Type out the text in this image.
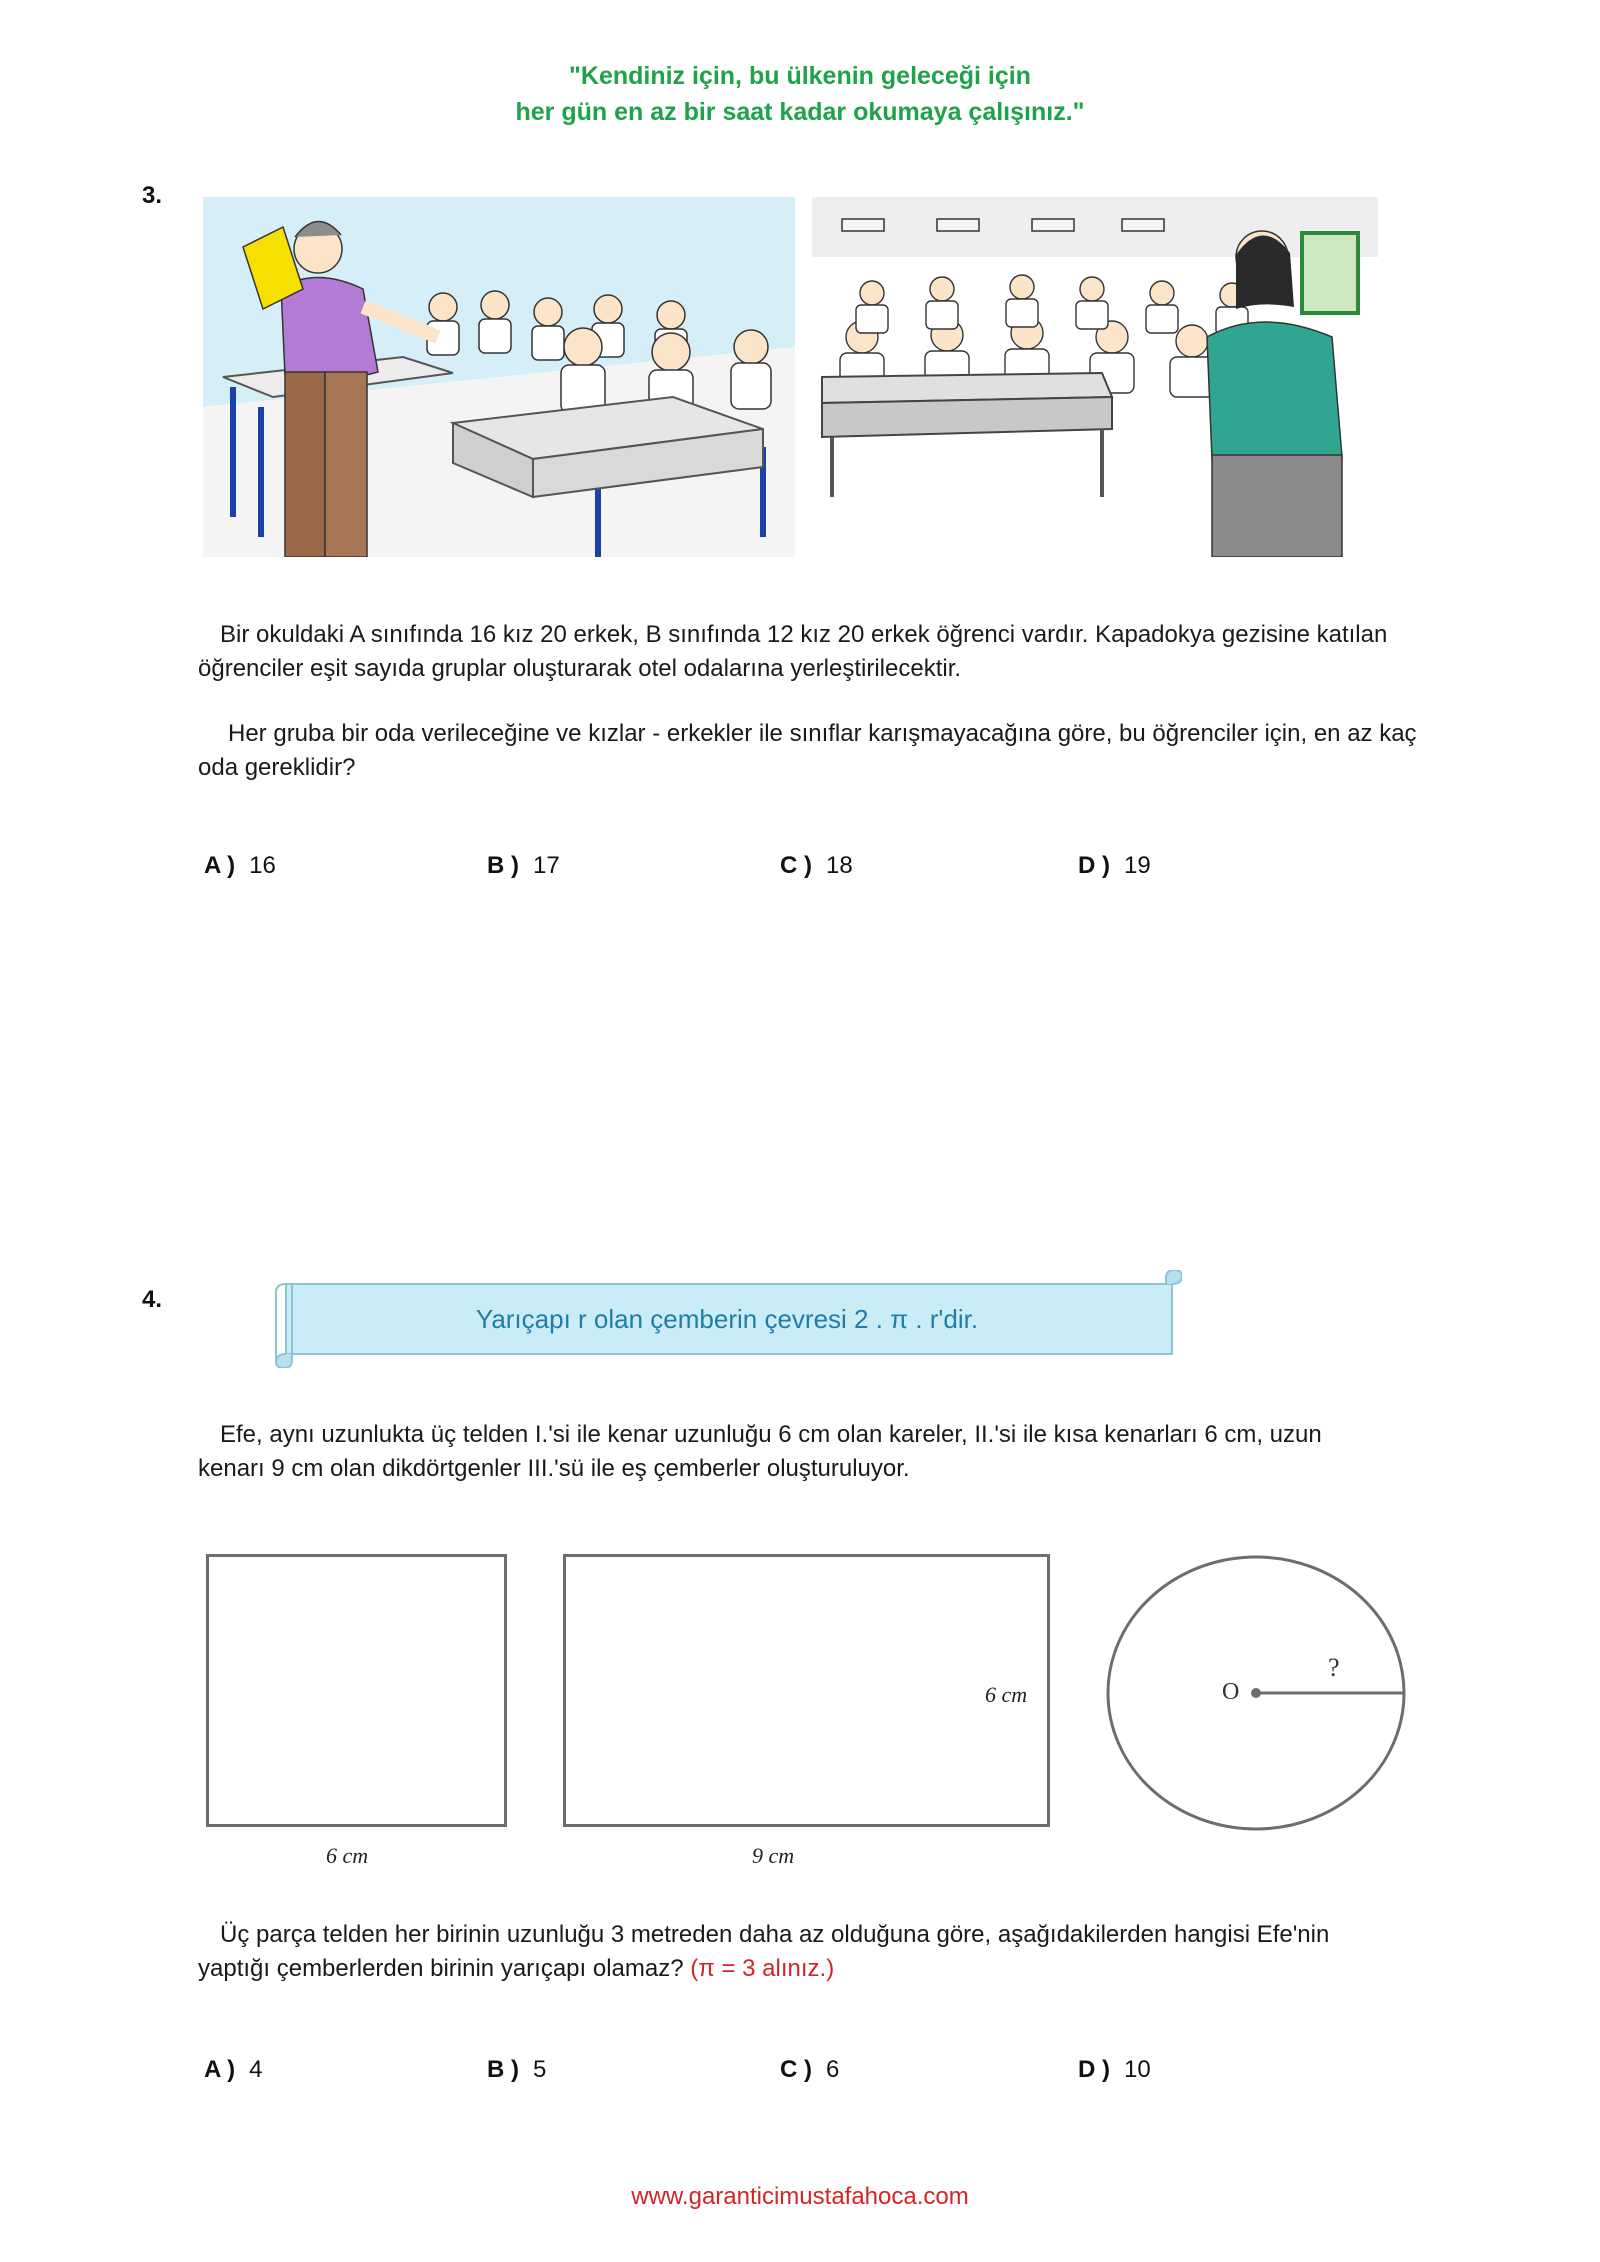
"Kendiniz için, bu ülkenin geleceği için
her gün en az bir saat kadar okumaya çalışınız."
3.
Bir okuldaki A sınıfında 16 kız 20 erkek, B sınıfında 12 kız 20 erkek öğrenci vardır. Kapadokya gezisine katılan öğrenciler eşit sayıda gruplar oluşturarak otel odalarına yerleştirilecektir.
Her gruba bir oda verileceğine ve kızlar - erkekler ile sınıflar karışmayacağına göre, bu öğrenciler için, en az kaç oda gereklidir?
A ) 16	B ) 17	C ) 18	D ) 19
4.
Yarıçapı r olan çemberin çevresi 2 . π . r'dir.
Efe, aynı uzunlukta üç telden I.'si ile kenar uzunluğu 6 cm olan kareler, II.'si ile kısa kenarları 6 cm, uzun kenarı 9 cm olan dikdörtgenler III.'sü ile eş çemberler oluşturuluyor.
6 cm
6 cm
9 cm
O
?
Üç parça telden her birinin uzunluğu 3 metreden daha az olduğuna göre, aşağıdakilerden hangisi Efe'nin yaptığı çemberlerden birinin yarıçapı olamaz? (π = 3 alınız.)
A ) 4	B ) 5	C ) 6	D ) 10
www.garanticimustafahoca.com
